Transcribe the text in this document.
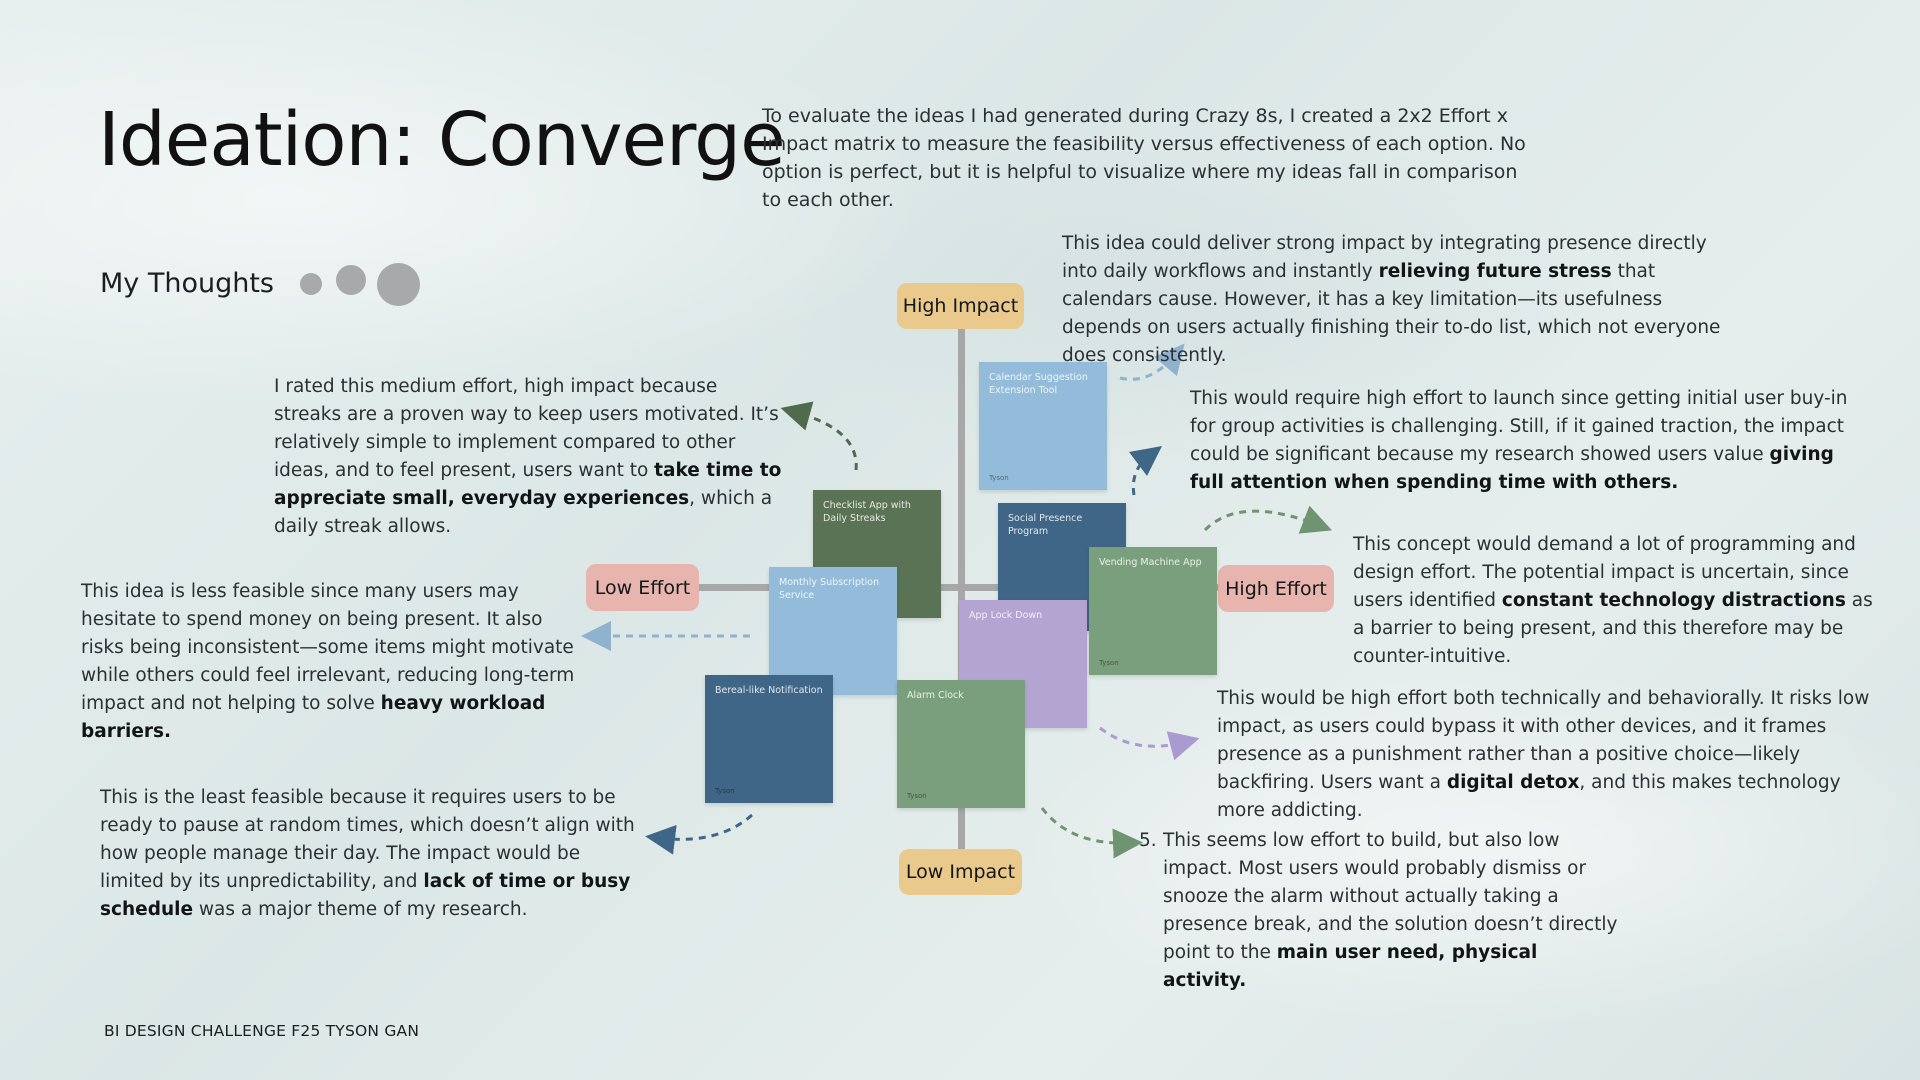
Ideation: Converge
To evaluate the ideas I had generated during Crazy 8s, I created a 2x2 Effort x Impact matrix to measure the feasibility versus effectiveness of each option. No option is perfect, but it is helpful to visualize where my ideas fall in comparison to each other.
My Thoughts
High Impact
Low Impact
Low Effort	High Effort
Calendar Suggestion Extension Tool
Tyson
Checklist App with Daily Streaks	Social Presence Program
Monthly Subscription Service
App Lock Down
Vending Machine App
Tyson
Bereal-like Notification
Tyson
Alarm Clock
Tyson
This idea could deliver strong impact by integrating presence directly into daily workflows and instantly relieving future stress that calendars cause. However, it has a key limitation—its usefulness depends on users actually finishing their to-do list, which not everyone does consistently.
I rated this medium effort, high impact because streaks are a proven way to keep users motivated. It’s relatively simple to implement compared to other ideas, and to feel present, users want to take time to appreciate small, everyday experiences, which a daily streak allows.
This would require high effort to launch since getting initial user buy-in for group activities is challenging. Still, if it gained traction, the impact could be significant because my research showed users value giving full attention when spending time with others.
This concept would demand a lot of programming and design effort. The potential impact is uncertain, since users identified constant technology distractions as a barrier to being present, and this therefore may be counter-intuitive.
This idea is less feasible since many users may hesitate to spend money on being present. It also risks being inconsistent—some items might motivate while others could feel irrelevant, reducing long-term impact and not helping to solve heavy workload barriers.
This would be high effort both technically and behaviorally. It risks low impact, as users could bypass it with other devices, and it frames presence as a punishment rather than a positive choice—likely backfiring. Users want a digital detox, and this makes technology more addicting.
This is the least feasible because it requires users to be ready to pause at random times, which doesn’t align with how people manage their day. The impact would be limited by its unpredictability, and lack of time or busy schedule was a major theme of my research.
5. This seems low effort to build, but also low impact. Most users would probably dismiss or snooze the alarm without actually taking a presence break, and the solution doesn’t directly point to the main user need, physical activity.
BI DESIGN CHALLENGE F25 TYSON GAN
